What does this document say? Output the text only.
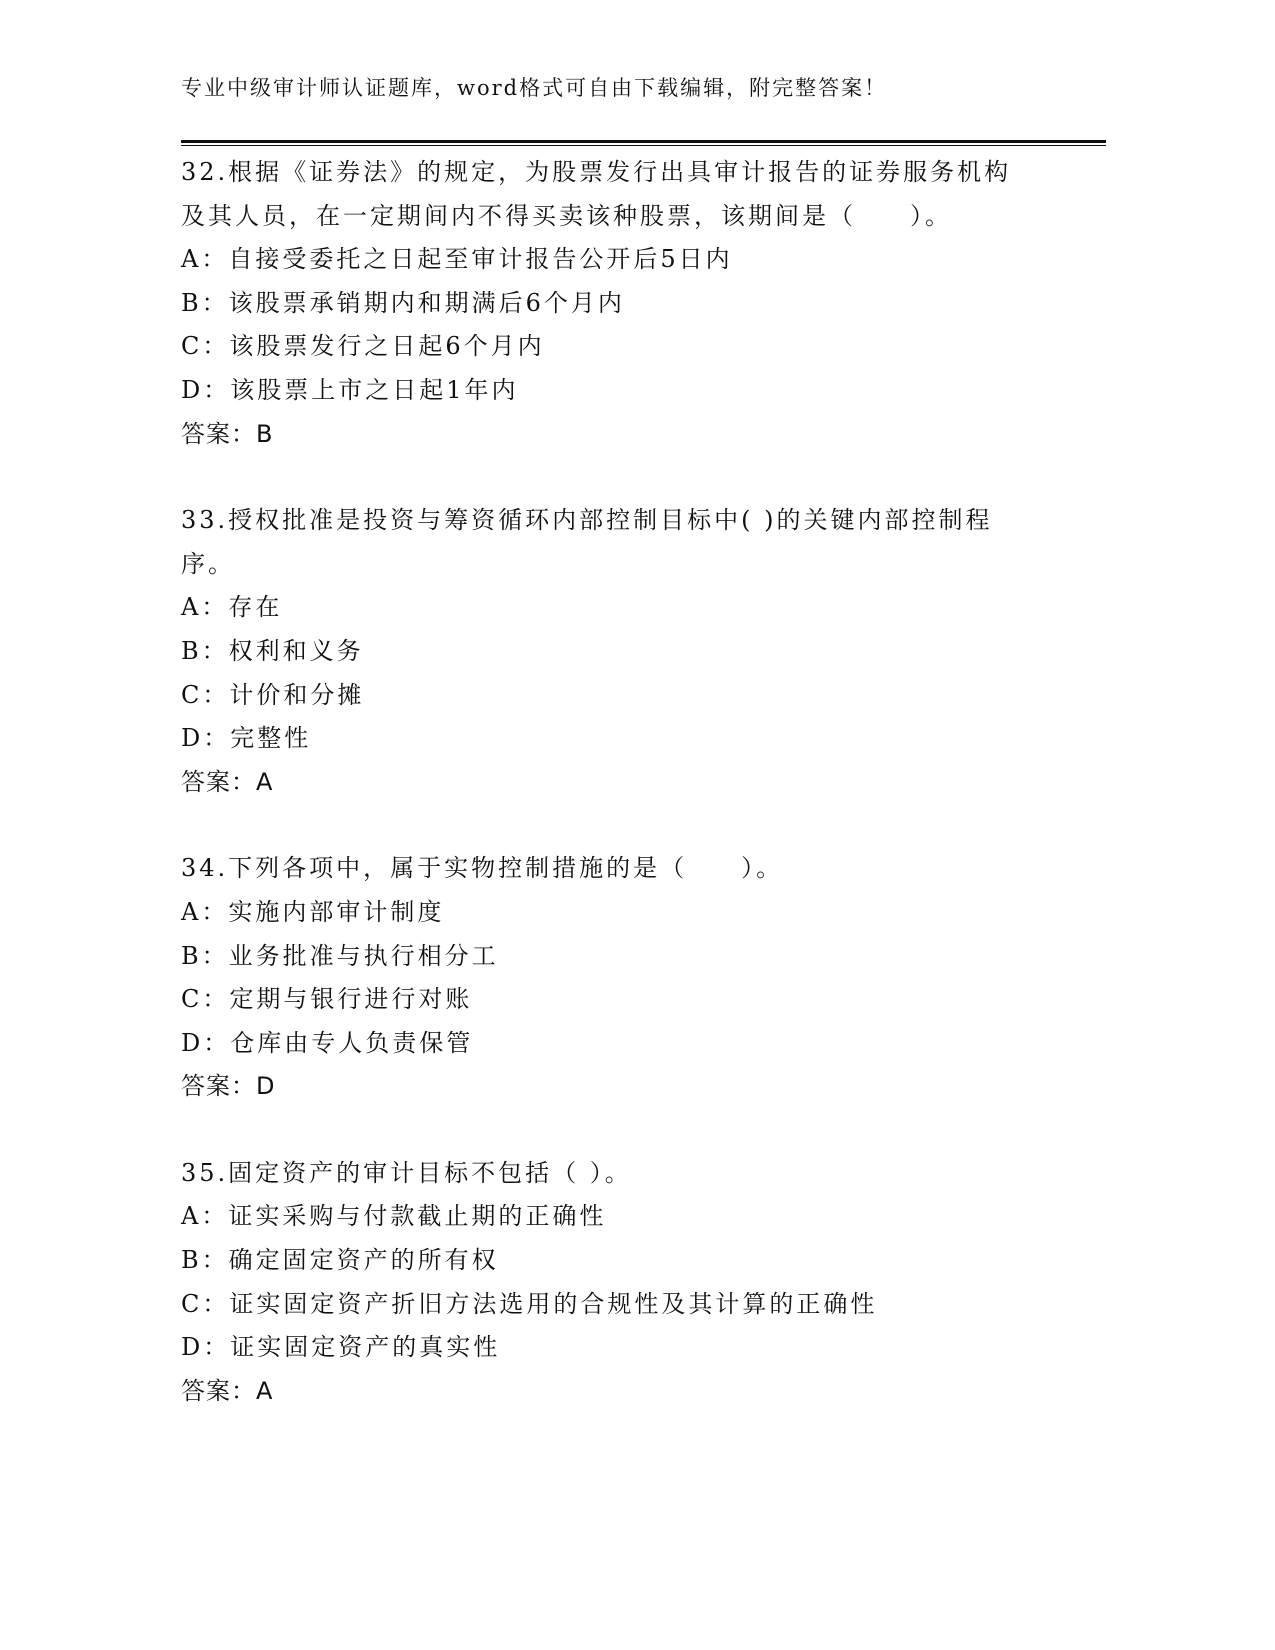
专业中级审计师认证题库，word格式可自由下载编辑，附完整答案！
32.根据《证券法》的规定，为股票发行出具审计报告的证券服务机构
及其人员，在一定期间内不得买卖该种股票，该期间是（　　）。
A：自接受委托之日起至审计报告公开后5日内
B：该股票承销期内和期满后6个月内
C：该股票发行之日起6个月内
D：该股票上市之日起1年内
答案：B
33.授权批准是投资与筹资循环内部控制目标中( )的关键内部控制程
序。
A：存在
B：权利和义务
C：计价和分摊
D：完整性
答案：A
34.下列各项中，属于实物控制措施的是（　　）。
A：实施内部审计制度
B：业务批准与执行相分工
C：定期与银行进行对账
D：仓库由专人负责保管
答案：D
35.固定资产的审计目标不包括（ ）。
A：证实采购与付款截止期的正确性
B：确定固定资产的所有权
C：证实固定资产折旧方法选用的合规性及其计算的正确性
D：证实固定资产的真实性
答案：A
